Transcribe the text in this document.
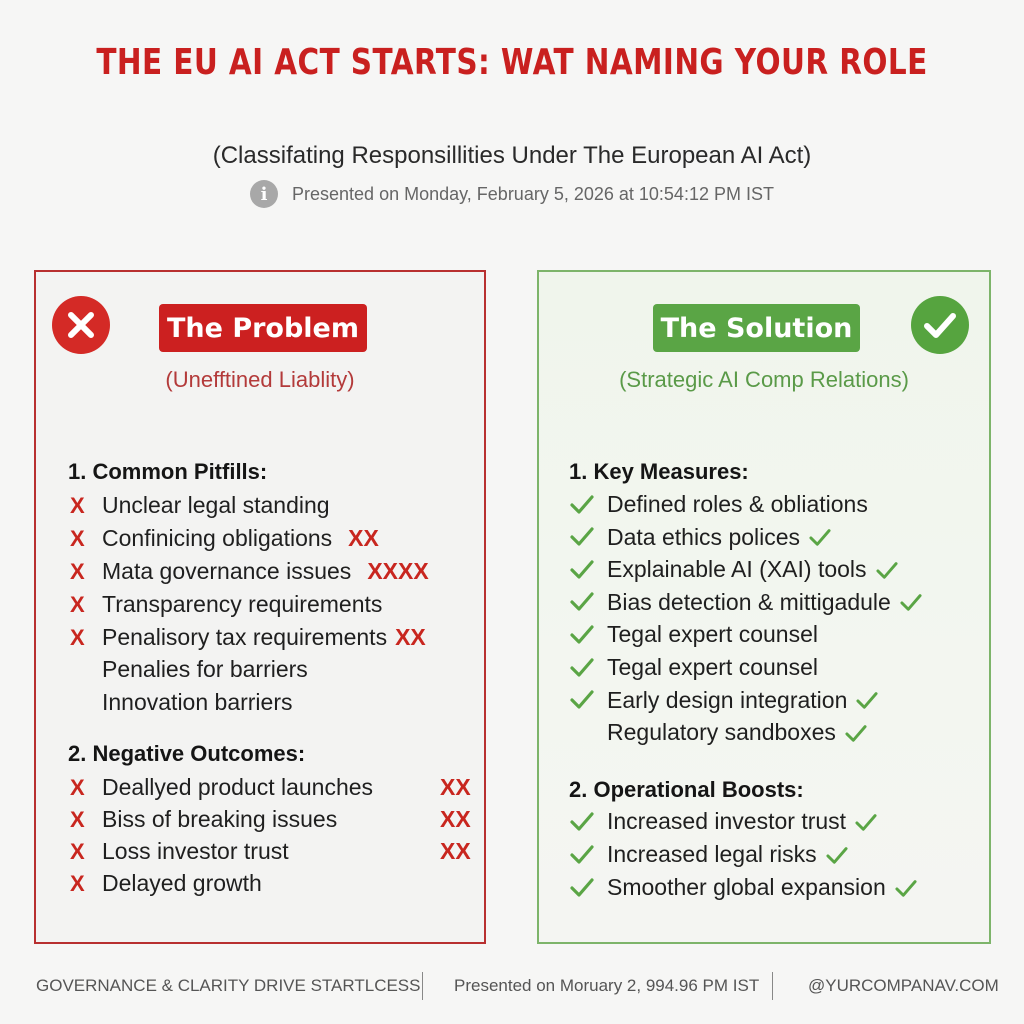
THE EU AI ACT STARTS: WAT NAMING YOUR ROLE
(Classifating Responsillities Under The European AI Act)
i	Presented on Monday, February 5, 2026 at 10:54:12 PM IST
The Problem
(Unefftined Liablity)
1. Common Pitfills:
X Unclear legal standing
X Confinicing obligations XX
X Mata governance issues XXXX
X Transparency requirements
X Penalisory tax requirements XX
Penalies for barriers
Innovation barriers
2. Negative Outcomes:
X Deallyed product launches
X Biss of breaking issues
X Loss investor trust
X Delayed growth
XX
XX
XX
The Solution
(Strategic AI Comp Relations)
1. Key Measures:
Defined roles & obliations
Data ethics polices
Explainable AI (XAI) tools
Bias detection & mittigadule
Tegal expert counsel
Tegal expert counsel
Early design integration
Regulatory sandboxes
2. Operational Boosts:
Increased investor trust
Increased legal risks
Smoother global expansion
GOVERNANCE & CLARITY DRIVE STARTLCESS Presented on Moruary 2, 994.96 PM IST	@YURCOMPANAV.COM
